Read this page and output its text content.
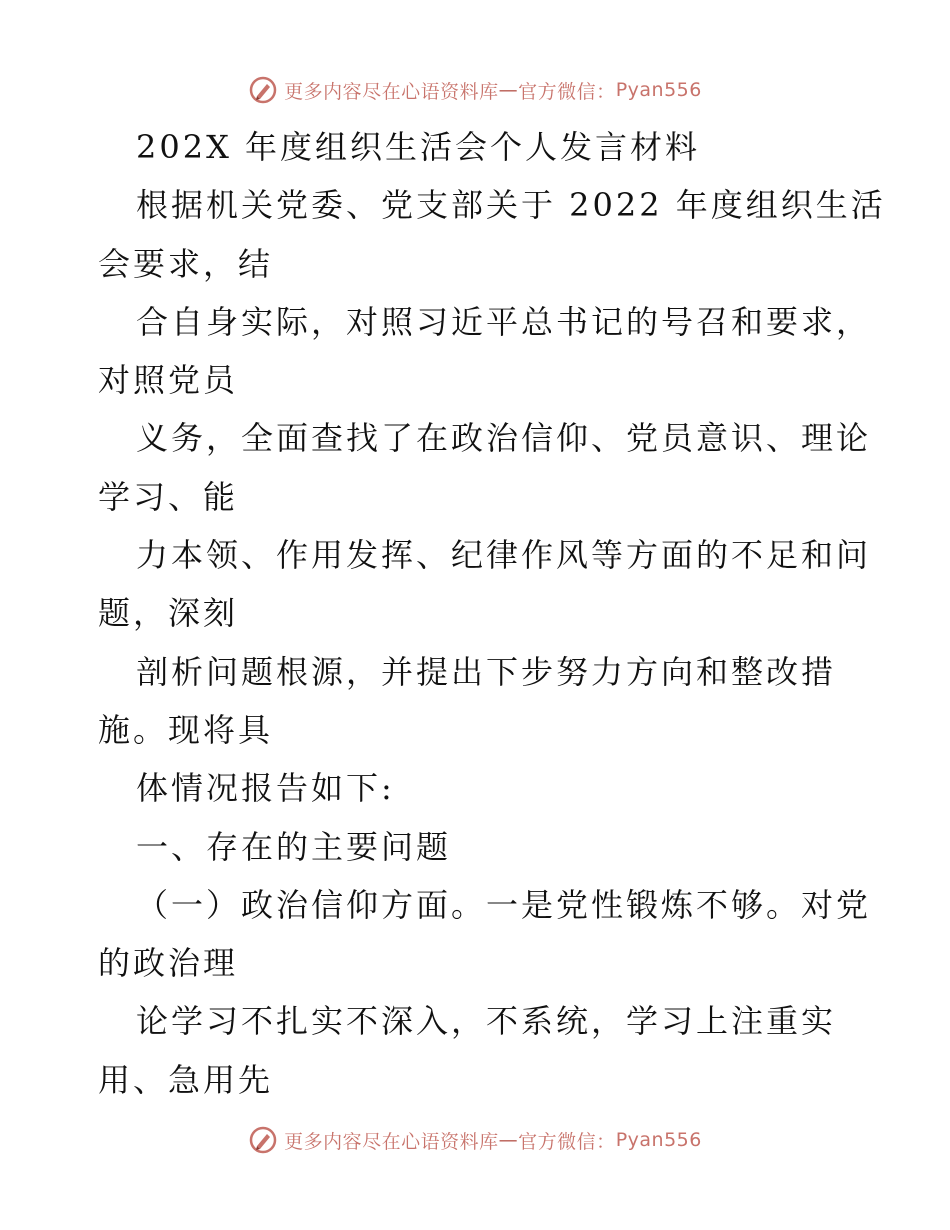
更多内容尽在心语资料库 — 官方微信： Pyan556
202X 年度组织生活会个人发言材料
根据机关党委、党支部关于 2022 年度组织生活
会要求，结
合自身实际，对照习近平总书记的号召和要求，
对照党员
义务，全面查找了在政治信仰、党员意识、理论
学习、能
力本领、作用发挥、纪律作风等方面的不足和问
题，深刻
剖析问题根源，并提出下步努力方向和整改措
施。现将具
体情况报告如下:
一、存在的主要问题
（一）政治信仰方面。一是党性锻炼不够。对党
的政治理
论学习不扎实不深入，不系统，学习上注重实
用、急用先
更多内容尽在心语资料库 — 官方微信： Pyan556
